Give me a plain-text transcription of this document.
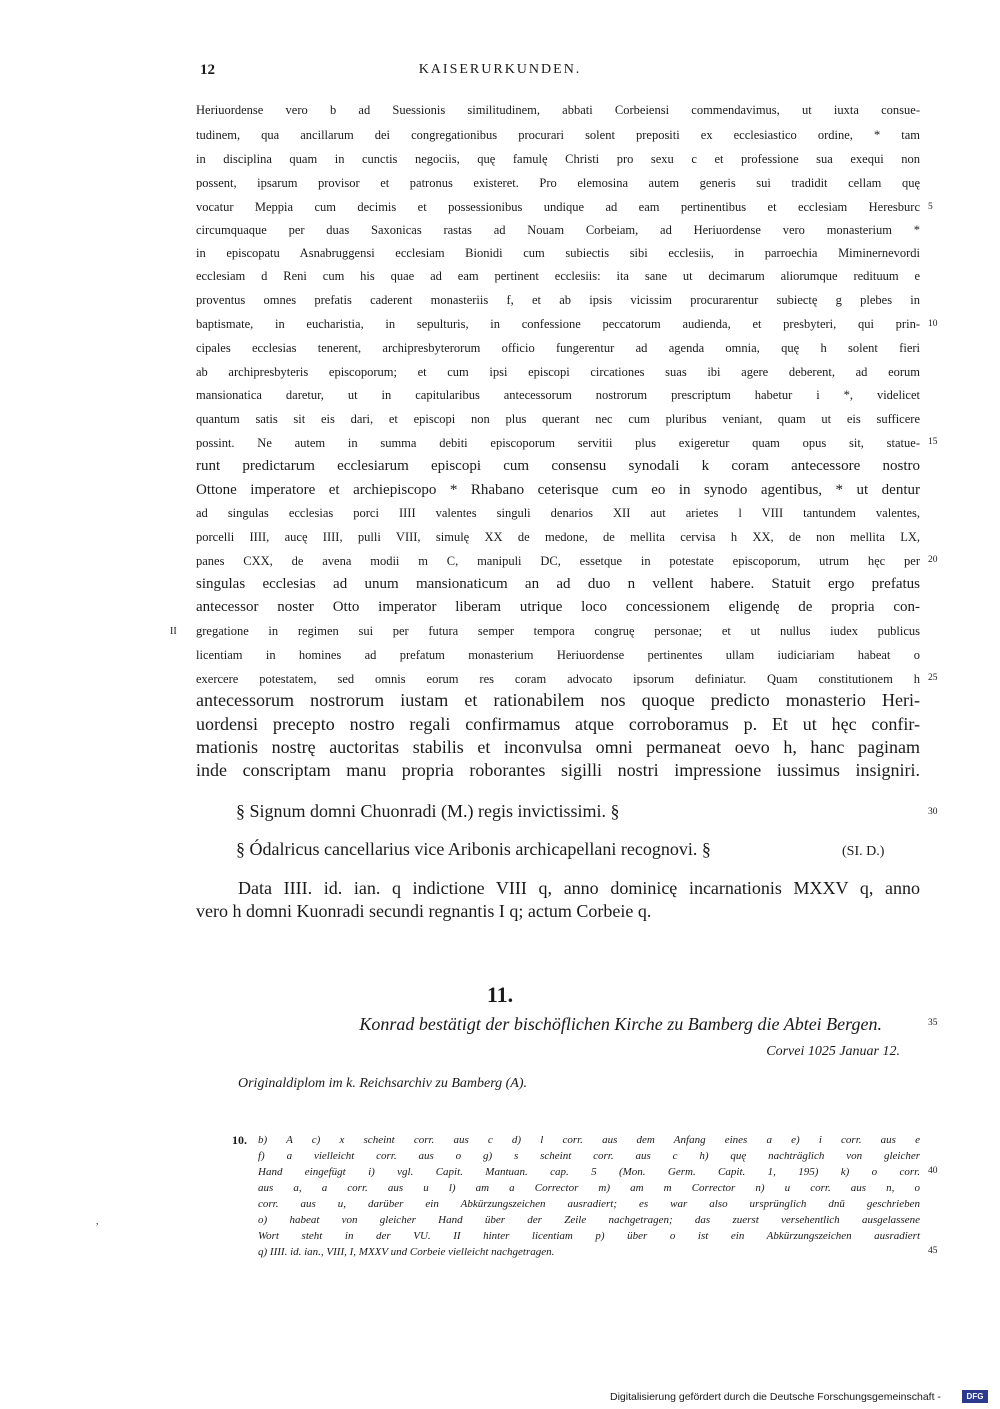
12	KAISERURKUNDEN.
Heriuordense vero b ad Suessionis similitudinem, abbati Corbeiensi commendavimus, ut iuxta consue-
tudinem, qua ancillarum dei congregationibus procurari solent prepositi ex ecclesiastico ordine, * tam
in disciplina quam in cunctis negociis, quę famulę Christi pro sexu c et professione sua exequi non
possent, ipsarum provisor et patronus existeret. Pro elemosina autem generis sui tradidit cellam quę
vocatur Meppia cum decimis et possessionibus undique ad eam pertinentibus et ecclesiam Heresburc
circumquaque per duas Saxonicas rastas ad Nouam Corbeiam, ad Heriuordense vero monasterium *
in episcopatu Asnabruggensi ecclesiam Bionidi cum subiectis sibi ecclesiis, in parroechia Miminernevordi
ecclesiam d Reni cum his quae ad eam pertinent ecclesiis: ita sane ut decimarum aliorumque redituum e
proventus omnes prefatis caderent monasteriis f, et ab ipsis vicissim procurarentur subiectę g plebes in
baptismate, in eucharistia, in sepulturis, in confessione peccatorum audienda, et presbyteri, qui prin-
cipales ecclesias tenerent, archipresbyterorum officio fungerentur ad agenda omnia, quę h solent fieri
ab archipresbyteris episcoporum; et cum ipsi episcopi circationes suas ibi agere deberent, ad eorum
mansionatica daretur, ut in capitularibus antecessorum nostrorum prescriptum habetur i *, videlicet
quantum satis sit eis dari, et episcopi non plus querant nec cum pluribus veniant, quam ut eis sufficere
possint. Ne autem in summa debiti episcoporum servitii plus exigeretur quam opus sit, statue-
runt predictarum ecclesiarum episcopi cum consensu synodali k coram antecessore nostro
Ottone imperatore et archiepiscopo * Rhabano ceterisque cum eo in synodo agentibus, * ut dentur
ad singulas ecclesias porci IIII valentes singuli denarios XII aut arietes l VIII tantundem valentes,
porcelli IIII, aucę IIII, pulli VIII, simulę XX de medone, de mellita cervisa h XX, de non mellita LX,
panes CXX, de avena modii m C, manipuli DC, essetque in potestate episcoporum, utrum hęc per
singulas ecclesias ad unum mansionaticum an ad duo n vellent habere. Statuit ergo prefatus
antecessor noster Otto imperator liberam utrique loco concessionem eligendę de propria con-
gregatione in regimen sui per futura semper tempora congruę personae; et ut nullus iudex publicus
licentiam in homines ad prefatum monasterium Heriuordense pertinentes ullam iudiciariam habeat o
exercere potestatem, sed omnis eorum res coram advocato ipsorum definiatur. Quam constitutionem h
antecessorum nostrorum iustam et rationabilem nos quoque predicto monasterio Heri-
uordensi precepto nostro regali confirmamus atque corroboramus p. Et ut hęc confir-
mationis nostrę auctoritas stabilis et inconvulsa omni permaneat oevo h, hanc paginam
inde conscriptam manu propria roborantes sigilli nostri impressione iussimus insigniri.
II
5
10
15
20
25
30
35
40
45
§ Signum domni Chuonradi (M.) regis invictissimi. §
§ Ódalricus cancellarius vice Aribonis archicapellani recognovi. §	(SI. D.)
Data IIII. id. ian. q indictione VIII q, anno dominicę incarnationis MXXV q, anno
vero h domni Kuonradi secundi regnantis I q; actum Corbeie q.
11.
Konrad bestätigt der bischöflichen Kirche zu Bamberg die Abtei Bergen.
Corvei 1025 Januar 12.
Originaldiplom im k. Reichsarchiv zu Bamberg (A).
10. b) A c) x scheint corr. aus c d) l corr. aus dem Anfang eines a e) i corr. aus e
f) a vielleicht corr. aus o g) s scheint corr. aus c h) quę nachträglich von gleicher
Hand eingefügt i) vgl. Capit. Mantuan. cap. 5 (Mon. Germ. Capit. 1, 195) k) o corr.
aus a, a corr. aus u l) am a Corrector m) am m Corrector n) u corr. aus n, o
corr. aus u, darüber ein Abkürzungszeichen ausradiert; es war also ursprünglich dnū geschrieben
o) habeat von gleicher Hand über der Zeile nachgetragen; das zuerst versehentlich ausgelassene
Wort steht in der VU. II hinter licentiam p) über o ist ein Abkürzungszeichen ausradiert
q) IIII. id. ian., VIII, I, MXXV und Corbeie vielleicht nachgetragen.
,
Digitalisierung gefördert durch die Deutsche Forschungsgemeinschaft -	DFG
